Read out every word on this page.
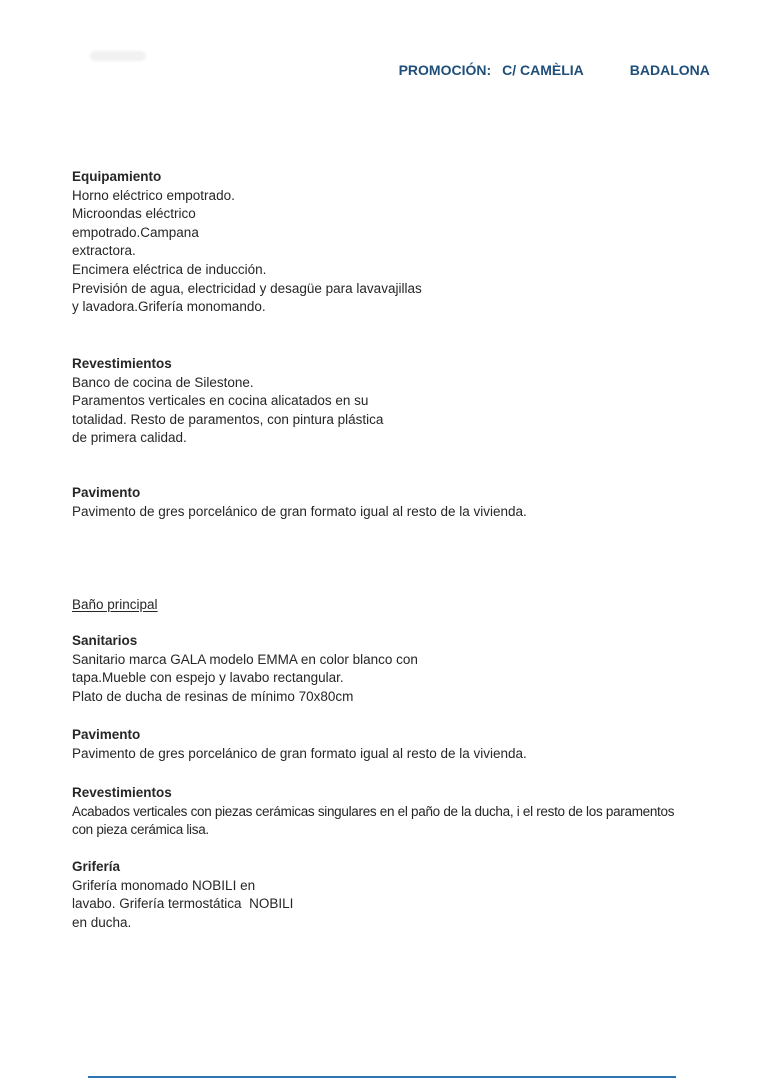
PROMOCIÓN: C/ CAMÈLIA	BADALONA

Equipamiento
Horno eléctrico empotrado.
Microondas eléctrico
empotrado.Campana
extractora.
Encimera eléctrica de inducción.
Previsión de agua, electricidad y desagüe para lavavajillas
y lavadora.Grifería monomando.
Revestimientos
Banco de cocina de Silestone.
Paramentos verticales en cocina alicatados en su
totalidad. Resto de paramentos, con pintura plástica
de primera calidad.
Pavimento
Pavimento de gres porcelánico de gran formato igual al resto de la vivienda.
Baño principal
Sanitarios
Sanitario marca GALA modelo EMMA en color blanco con
tapa.Mueble con espejo y lavabo rectangular.
Plato de ducha de resinas de mínimo 70x80cm
Pavimento
Pavimento de gres porcelánico de gran formato igual al resto de la vivienda.
Revestimientos
Acabados verticales con piezas cerámicas singulares en el paño de la ducha, i el resto de los paramentos
con pieza cerámica lisa.
Grifería
Grifería monomado NOBILI en
lavabo. Grifería termostática  NOBILI
en ducha.
